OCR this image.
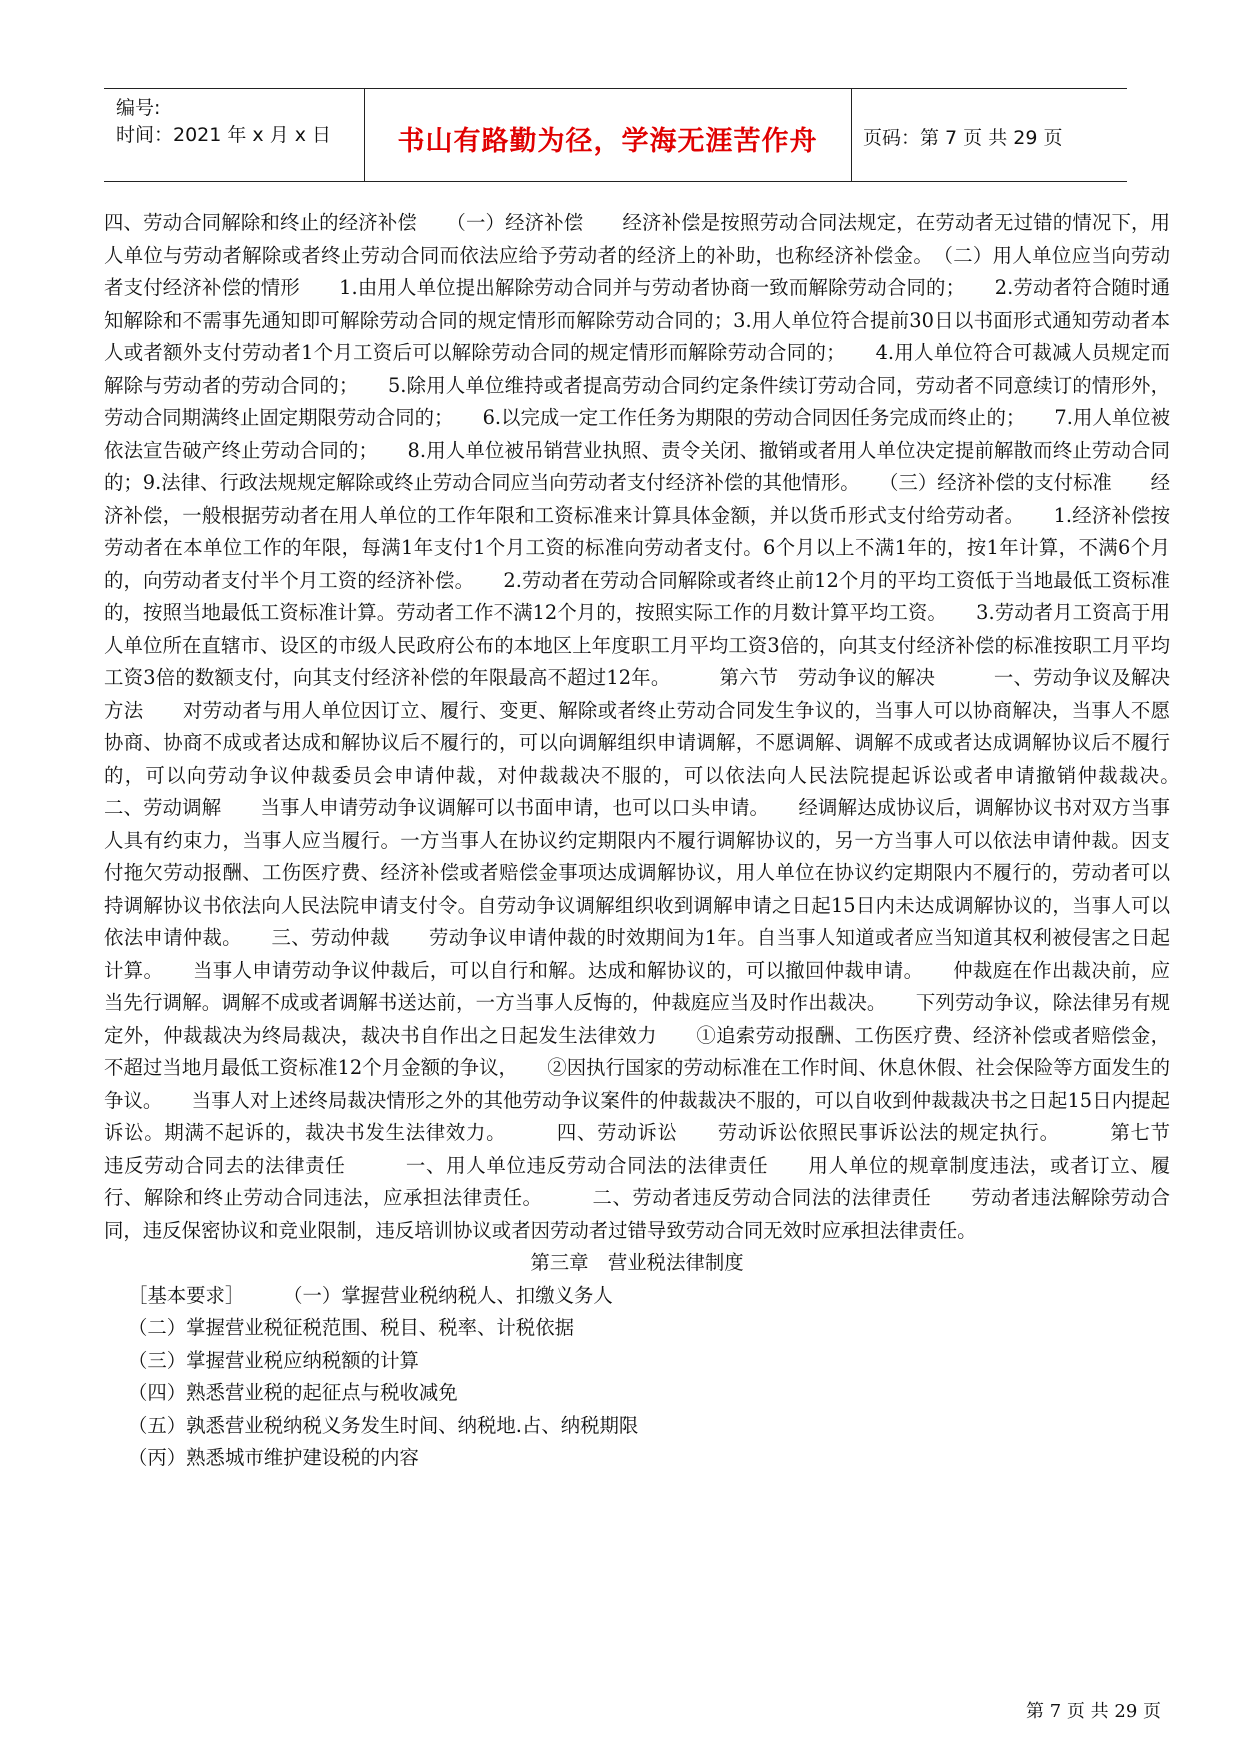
编号:
时间：2021 年 x 月 x 日	书山有路勤为径，学海无涯苦作舟	页码：第 7 页 共 29 页

四、劳动合同解除和终止的经济补偿　　（一）经济补偿　　经济补偿是按照劳动合同法规定，在劳动者无过错的情况下，用人单位与劳动者解除或者终止劳动合同而依法应给予劳动者的经济上的补助，也称经济补偿金。　（二）用人单位应当向劳动者支付经济补偿的情形　　1.由用人单位提出解除劳动合同并与劳动者协商一致而解除劳动合同的；　　2.劳动者符合随时通知解除和不需事先通知即可解除劳动合同的规定情形而解除劳动合同的；3.用人单位符合提前30日以书面形式通知劳动者本人或者额外支付劳动者1个月工资后可以解除劳动合同的规定情形而解除劳动合同的；　　4.用人单位符合可裁减人员规定而解除与劳动者的劳动合同的；　　5.除用人单位维持或者提高劳动合同约定条件续订劳动合同，劳动者不同意续订的情形外，劳动合同期满终止固定期限劳动合同的；　　6.以完成一定工作任务为期限的劳动合同因任务完成而终止的；　　7.用人单位被依法宣告破产终止劳动合同的；　　8.用人单位被吊销营业执照、责令关闭、撤销或者用人单位决定提前解散而终止劳动合同的；9.法律、行政法规规定解除或终止劳动合同应当向劳动者支付经济补偿的其他情形。　　（三）经济补偿的支付标准　　经济补偿，一般根据劳动者在用人单位的工作年限和工资标准来计算具体金额，并以货币形式支付给劳动者。　　1.经济补偿按劳动者在本单位工作的年限，每满1年支付1个月工资的标准向劳动者支付。6个月以上不满1年的，按1年计算，不满6个月的，向劳动者支付半个月工资的经济补偿。　　2.劳动者在劳动合同解除或者终止前12个月的平均工资低于当地最低工资标准的，按照当地最低工资标准计算。劳动者工作不满12个月的，按照实际工作的月数计算平均工资。　　3.劳动者月工资高于用人单位所在直辖市、设区的市级人民政府公布的本地区上年度职工月平均工资3倍的，向其支付经济补偿的标准按职工月平均工资3倍的数额支付，向其支付经济补偿的年限最高不超过12年。　　　第六节　劳动争议的解决　　　一、劳动争议及解决方法　　对劳动者与用人单位因订立、履行、变更、解除或者终止劳动合同发生争议的，当事人可以协商解决，当事人不愿协商、协商不成或者达成和解协议后不履行的，可以向调解组织申请调解，不愿调解、调解不成或者达成调解协议后不履行的，可以向劳动争议仲裁委员会申请仲裁，对仲裁裁决不服的，可以依法向人民法院提起诉讼或者申请撤销仲裁裁决。　　　二、劳动调解　　当事人申请劳动争议调解可以书面申请，也可以口头申请。　　经调解达成协议后，调解协议书对双方当事人具有约束力，当事人应当履行。一方当事人在协议约定期限内不履行调解协议的，另一方当事人可以依法申请仲裁。因支付拖欠劳动报酬、工伤医疗费、经济补偿或者赔偿金事项达成调解协议，用人单位在协议约定期限内不履行的，劳动者可以持调解协议书依法向人民法院申请支付令。自劳动争议调解组织收到调解申请之日起15日内未达成调解协议的，当事人可以依法申请仲裁。　　三、劳动仲裁　　劳动争议申请仲裁的时效期间为1年。自当事人知道或者应当知道其权利被侵害之日起计算。　　当事人申请劳动争议仲裁后，可以自行和解。达成和解协议的，可以撤回仲裁申请。　　仲裁庭在作出裁决前，应当先行调解。调解不成或者调解书送达前，一方当事人反悔的，仲裁庭应当及时作出裁决。　　下列劳动争议，除法律另有规定外，仲裁裁决为终局裁决，裁决书自作出之日起发生法律效力　　①追索劳动报酬、工伤医疗费、经济补偿或者赔偿金，不超过当地月最低工资标准12个月金额的争议，　　②因执行国家的劳动标准在工作时间、休息休假、社会保险等方面发生的争议。　　当事人对上述终局裁决情形之外的其他劳动争议案件的仲裁裁决不服的，可以自收到仲裁裁决书之日起15日内提起诉讼。期满不起诉的，裁决书发生法律效力。　　　四、劳动诉讼　　劳动诉讼依照民事诉讼法的规定执行。　　　第七节　违反劳动合同去的法律责任　　　一、用人单位违反劳动合同法的法律责任　　用人单位的规章制度违法，或者订立、履行、解除和终止劳动合同违法，应承担法律责任。　　　二、劳动者违反劳动合同法的法律责任　　劳动者违法解除劳动合同，违反保密协议和竞业限制，违反培训协议或者因劳动者过错导致劳动合同无效时应承担法律责任。

第三章　营业税法律制度

［基本要求］　　　（一）掌握营业税纳税人、扣缴义务人

（二）掌握营业税征税范围、税目、税率、计税依据

（三）掌握营业税应纳税额的计算

（四）熟悉营业税的起征点与税收减免

（五）孰悉营业税纳税义务发生时间、纳税地.占、纳税期限

（丙）熟悉城市维护建设税的内容

第 7 页 共 29 页
